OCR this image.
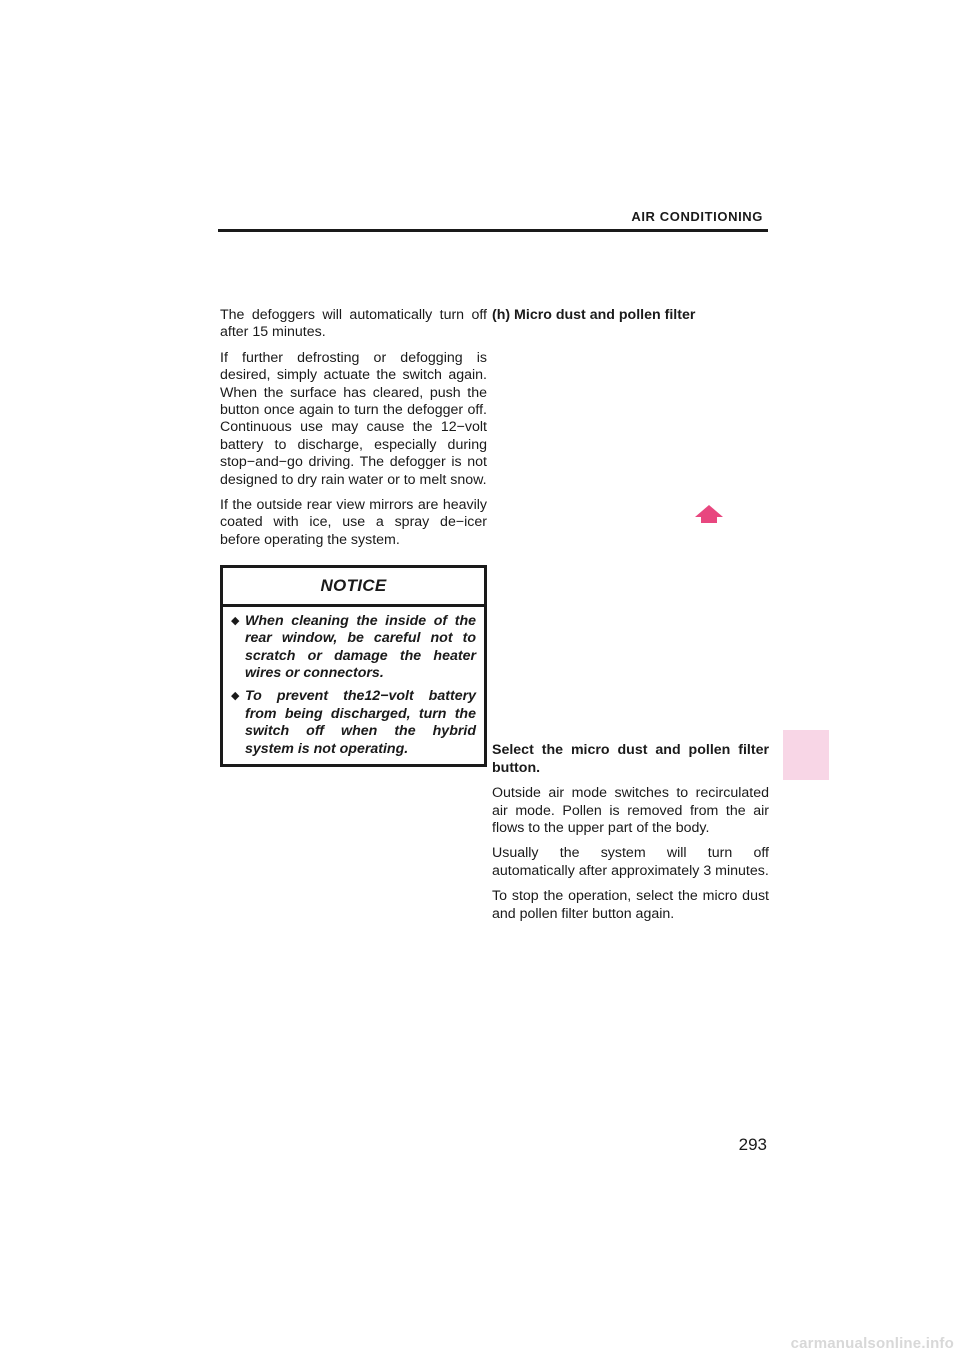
AIR CONDITIONING

The defoggers will automatically turn off after 15 minutes.

If further defrosting or defogging is desired, simply actuate the switch again. When the surface has cleared, push the button once again to turn the defogger off. Continuous use may cause the 12−volt battery to discharge, especially during stop−and−go driving. The defogger is not designed to dry rain water or to melt snow.

If the outside rear view mirrors are heavily coated with ice, use a spray de−icer before operating the system.

NOTICE
◆ When cleaning the inside of the rear window, be careful not to scratch or damage the heater wires or connectors.
◆ To prevent the12−volt battery from being discharged, turn the switch off when the hybrid system is not operating.

(h) Micro dust and pollen filter

Select the micro dust and pollen filter button.

Outside air mode switches to recirculated air mode. Pollen is removed from the air flows to the upper part of the body.

Usually the system will turn off automatically after approximately 3 minutes.

To stop the operation, select the micro dust and pollen filter button again.

293
carmanualsonline.info
